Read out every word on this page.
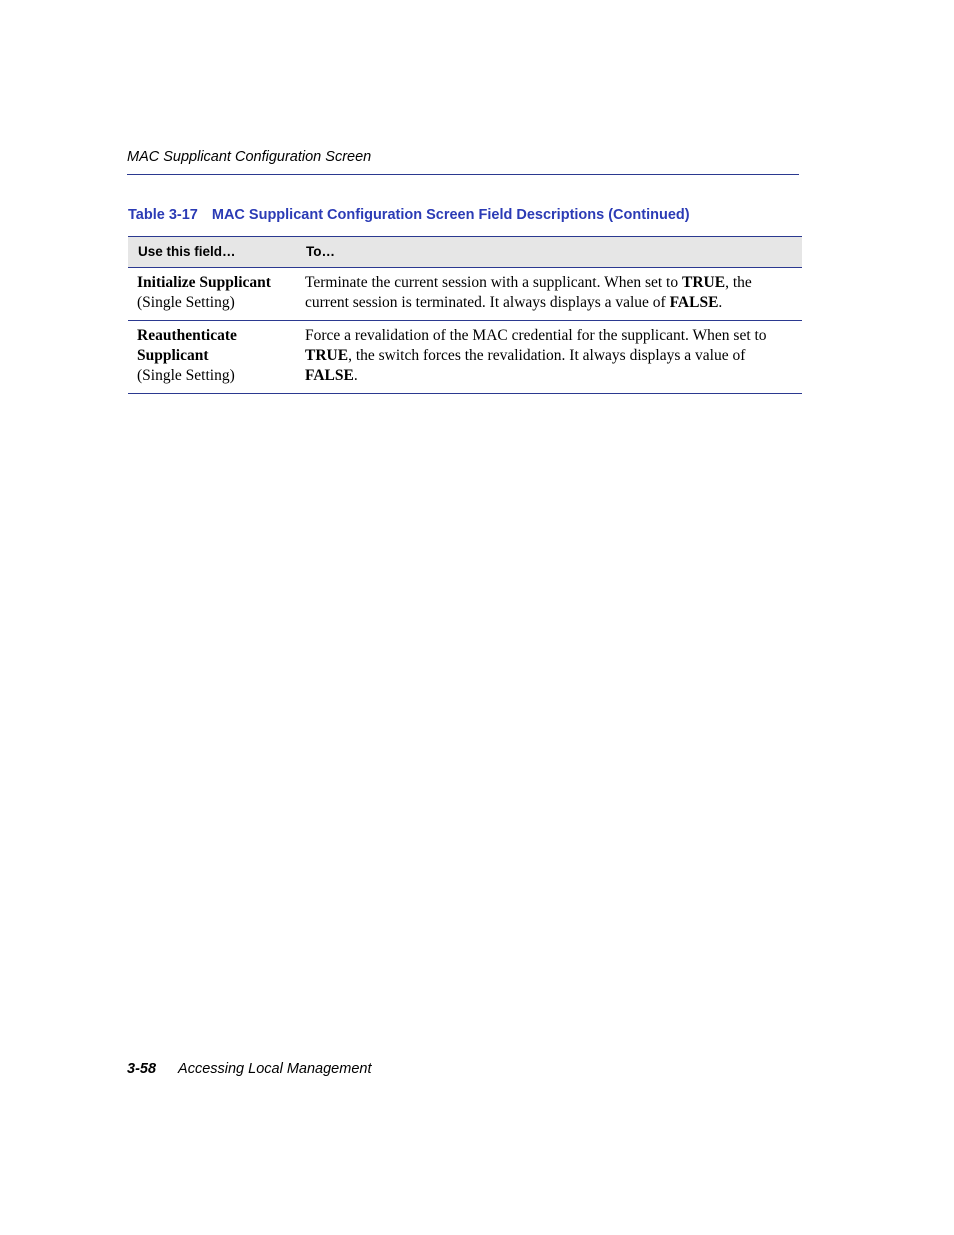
MAC Supplicant Configuration Screen
Table 3-17 MAC Supplicant Configuration Screen Field Descriptions (Continued)
Use this field…	To…
Initialize Supplicant
(Single Setting)	Terminate the current session with a supplicant. When set to TRUE, the current session is terminated. It always displays a value of FALSE.
Reauthenticate
Supplicant
(Single Setting)	Force a revalidation of the MAC credential for the supplicant. When set to TRUE, the switch forces the revalidation. It always displays a value of FALSE.
3-58 Accessing Local Management
